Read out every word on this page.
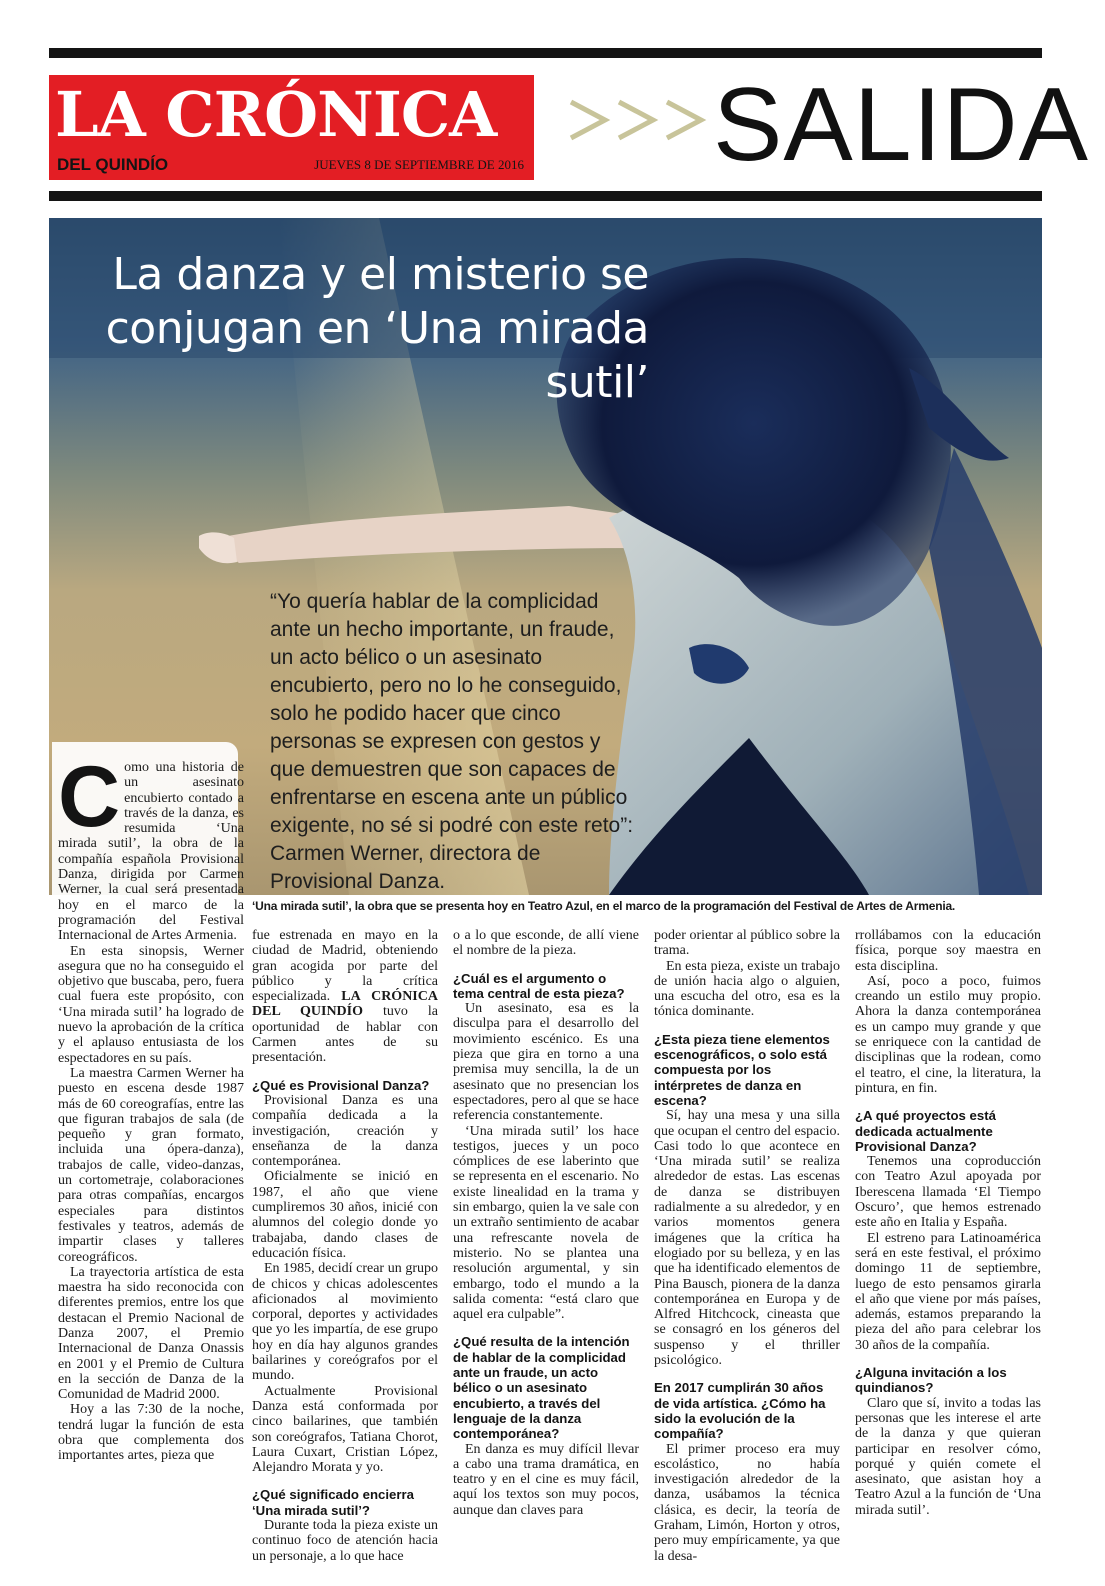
LA CRÓNICA
DEL QUINDÍO	JUEVES 8 DE SEPTIEMBRE DE 2016 SALIDA
La danza y el misterio se conjugan en ‘Una mirada sutil’
“Yo quería hablar de la complicidad ante un hecho importante, un fraude, un acto bélico o un asesinato encubierto, pero no lo he conseguido, solo he podido hacer que cinco personas se expresen con gestos y que demuestren que son capaces de enfrentarse en escena ante un público exigente, no sé si podré con este reto”: Carmen Werner, directora de Provisional Danza.

C omo una historia de un asesinato encubierto contado a través de la danza, es resumida ‘Una mirada sutil’, la obra de la compañía española Provisional Danza, dirigida por Carmen Werner, la cual será presentada hoy en el marco de la programación del Festival Internacional de Artes Armenia.

En esta sinopsis, Werner asegura que no ha conseguido el objetivo que buscaba, pero, fuera cual fuera este propósito, con ‘Una mirada sutil’ ha logrado de nuevo la aprobación de la crítica y el aplauso entusiasta de los espectadores en su país.

La maestra Carmen Werner ha puesto en escena desde 1987 más de 60 coreografías, entre las que figuran trabajos de sala (de pequeño y gran formato, incluida una ópera-danza), trabajos de calle, video-danzas, un cortometraje, colaboraciones para otras compañías, encargos especiales para distintos festivales y teatros, además de impartir clases y talleres coreográficos.

La trayectoria artística de esta maestra ha sido reconocida con diferentes premios, entre los que destacan el Premio Nacional de Danza 2007, el Premio Internacional de Danza Onassis en 2001 y el Premio de Cultura en la sección de Danza de la Comunidad de Madrid 2000.

Hoy a las 7:30 de la noche, tendrá lugar la función de esta obra que complementa dos importantes artes, pieza que

‘Una mirada sutil’, la obra que se presenta hoy en Teatro Azul, en el marco de la programación del Festival de Artes de Armenia.

fue estrenada en mayo en la ciudad de Madrid, obteniendo gran acogida por parte del público y la crítica especializada. LA CRÓNICA DEL QUINDÍO tuvo la oportunidad de hablar con Carmen antes de su presentación.

¿Qué es Provisional Danza?

Provisional Danza es una compañía dedicada a la investigación, creación y enseñanza de la danza contemporánea.

Oficialmente se inició en 1987, el año que viene cumpliremos 30 años, inicié con alumnos del colegio donde yo trabajaba, dando clases de educación física.

En 1985, decidí crear un grupo de chicos y chicas adolescentes aficionados al movimiento corporal, deportes y actividades que yo les impartía, de ese grupo hoy en día hay algunos grandes bailarines y coreógrafos por el mundo.

Actualmente Provisional Danza está conformada por cinco bailarines, que también son coreógrafos, Tatiana Chorot, Laura Cuxart, Cristian López, Alejandro Morata y yo.

¿Qué significado encierra ‘Una mirada sutil’?

Durante toda la pieza existe un continuo foco de atención hacia un personaje, a lo que hace

o a lo que esconde, de allí viene el nombre de la pieza.

¿Cuál es el argumento o tema central de esta pieza?

Un asesinato, esa es la disculpa para el desarrollo del movimiento escénico. Es una pieza que gira en torno a una premisa muy sencilla, la de un asesinato que no presencian los espectadores, pero al que se hace referencia constantemente.

‘Una mirada sutil’ los hace testigos, jueces y un poco cómplices de ese laberinto que se representa en el escenario. No existe linealidad en la trama y sin embargo, quien la ve sale con un extraño sentimiento de acabar una refrescante novela de misterio. No se plantea una resolución argumental, y sin embargo, todo el mundo a la salida comenta: “está claro que aquel era culpable”.

¿Qué resulta de la intención de hablar de la complicidad ante un fraude, un acto bélico o un asesinato encubierto, a través del lenguaje de la danza contemporánea?

En danza es muy difícil llevar a cabo una trama dramática, en teatro y en el cine es muy fácil, aquí los textos son muy pocos, aunque dan claves para

poder orientar al público sobre la trama.

En esta pieza, existe un trabajo de unión hacia algo o alguien, una escucha del otro, esa es la tónica dominante.

¿Esta pieza tiene elementos escenográficos, o solo está compuesta por los intérpretes de danza en escena?

Sí, hay una mesa y una silla que ocupan el centro del espacio. Casi todo lo que acontece en ‘Una mirada sutil’ se realiza alrededor de estas. Las escenas de danza se distribuyen radialmente a su alrededor, y en varios momentos genera imágenes que la crítica ha elogiado por su belleza, y en las que ha identificado elementos de Pina Bausch, pionera de la danza contemporánea en Europa y de Alfred Hitchcock, cineasta que se consagró en los géneros del suspenso y el thriller psicológico.

En 2017 cumplirán 30 años de vida artística. ¿Cómo ha sido la evolución de la compañía?

El primer proceso era muy escolástico, no había investigación alrededor de la danza, usábamos la técnica clásica, es decir, la teoría de Graham, Limón, Horton y otros, pero muy empíricamente, ya que la desa-

rrollábamos con la educación física, porque soy maestra en esta disciplina.

Así, poco a poco, fuimos creando un estilo muy propio. Ahora la danza contemporánea es un campo muy grande y que se enriquece con la cantidad de disciplinas que la rodean, como el teatro, el cine, la literatura, la pintura, en fin.

¿A qué proyectos está dedicada actualmente Provisional Danza?

Tenemos una coproducción con Teatro Azul apoyada por Iberescena llamada ‘El Tiempo Oscuro’, que hemos estrenado este año en Italia y España.

El estreno para Latinoamérica será en este festival, el próximo domingo 11 de septiembre, luego de esto pensamos girarla el año que viene por más países, además, estamos preparando la pieza del año para celebrar los 30 años de la compañía.

¿Alguna invitación a los quindianos?

Claro que sí, invito a todas las personas que les interese el arte de la danza y que quieran participar en resolver cómo, porqué y quién comete el asesinato, que asistan hoy a Teatro Azul a la función de ‘Una mirada sutil’.
